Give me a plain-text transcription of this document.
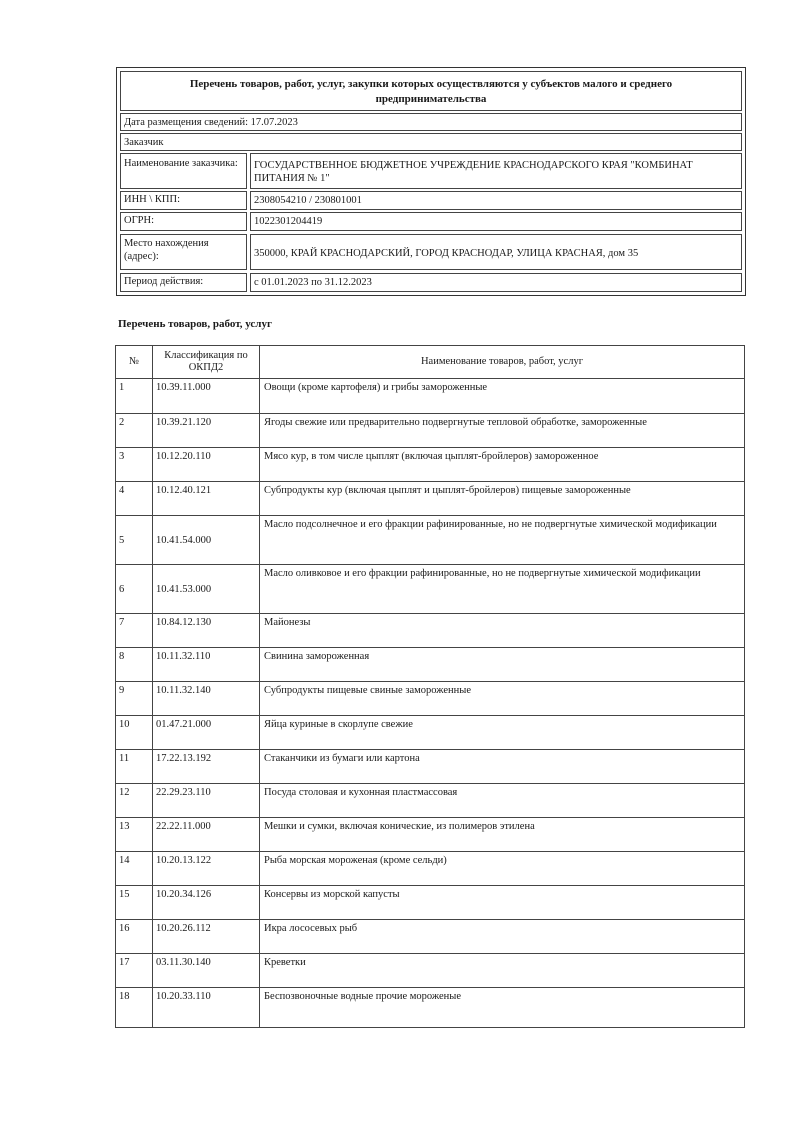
Перечень товаров, работ, услуг, закупки которых осуществляются у субъектов малого и среднего предпринимательства
Дата размещения сведений: 17.07.2023
Заказчик
Наименование заказчика:	ГОСУДАРСТВЕННОЕ БЮДЖЕТНОЕ УЧРЕЖДЕНИЕ КРАСНОДАРСКОГО КРАЯ "КОМБИНАТ ПИТАНИЯ № 1"
ИНН \ КПП:	2308054210 / 230801001
ОГРН:	1022301204419
Место нахождения (адрес):	350000, КРАЙ КРАСНОДАРСКИЙ, ГОРОД КРАСНОДАР, УЛИЦА КРАСНАЯ, дом 35
Период действия:	с 01.01.2023 по 31.12.2023
Перечень товаров, работ, услуг
№	Классификация по ОКПД2	Наименование товаров, работ, услуг
1	10.39.11.000	Овощи (кроме картофеля) и грибы замороженные
2	10.39.21.120	Ягоды свежие или предварительно подвергнутые тепловой обработке, замороженные
3	10.12.20.110	Мясо кур, в том числе цыплят (включая цыплят-бройлеров) замороженное
4	10.12.40.121	Субпродукты кур (включая цыплят и цыплят-бройлеров) пищевые замороженные
5	10.41.54.000	Масло подсолнечное и его фракции рафинированные, но не подвергнутые химической модификации
6	10.41.53.000	Масло оливковое и его фракции рафинированные, но не подвергнутые химической модификации
7	10.84.12.130	Майонезы
8	10.11.32.110	Свинина замороженная
9	10.11.32.140	Субпродукты пищевые свиные замороженные
10	01.47.21.000	Яйца куриные в скорлупе свежие
11	17.22.13.192	Стаканчики из бумаги или картона
12	22.29.23.110	Посуда столовая и кухонная пластмассовая
13	22.22.11.000	Мешки и сумки, включая конические, из полимеров этилена
14	10.20.13.122	Рыба морская мороженая (кроме сельди)
15	10.20.34.126	Консервы из морской капусты
16	10.20.26.112	Икра лососевых рыб
17	03.11.30.140	Креветки
18	10.20.33.110	Беспозвоночные водные прочие мороженые
